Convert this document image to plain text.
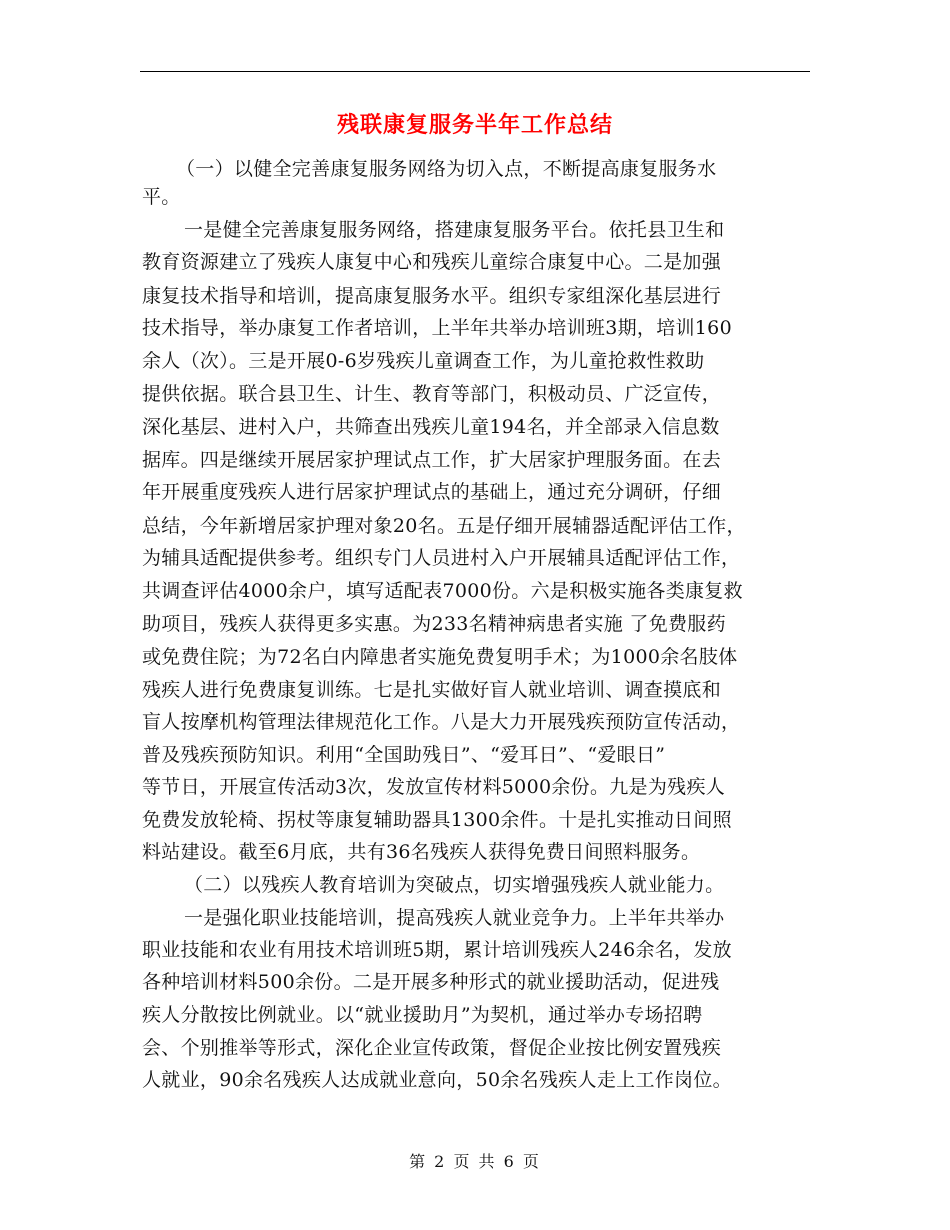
残联康复服务半年工作总结
（一）以健全完善康复服务网络为切入点，不断提高康复服务水
平。
一是健全完善康复服务网络，搭建康复服务平台。依托县卫生和
教育资源建立了残疾人康复中心和残疾儿童综合康复中心。二是加强
康复技术指导和培训，提高康复服务水平。组织专家组深化基层进行
技术指导，举办康复工作者培训，上半年共举办培训班3期，培训160
余人（次）。三是开展0-6岁残疾儿童调查工作，为儿童抢救性救助
提供依据。联合县卫生、计生、教育等部门，积极动员、广泛宣传，
深化基层、进村入户，共筛查出残疾儿童194名，并全部录入信息数
据库。四是继续开展居家护理试点工作，扩大居家护理服务面。在去
年开展重度残疾人进行居家护理试点的基础上，通过充分调研，仔细
总结，今年新增居家护理对象20名。五是仔细开展辅器适配评估工作，
为辅具适配提供参考。组织专门人员进村入户开展辅具适配评估工作，
共调查评估4000余户，填写适配表7000份。六是积极实施各类康复救
助项目，残疾人获得更多实惠。为233名精神病患者实施 了免费服药
或免费住院；为72名白内障患者实施免费复明手术；为1000余名肢体
残疾人进行免费康复训练。七是扎实做好盲人就业培训、调查摸底和
盲人按摩机构管理法律规范化工作。八是大力开展残疾预防宣传活动，
普及残疾预防知识。利用“全国助残日”、“爱耳日”、“爱眼日”
等节日，开展宣传活动3次，发放宣传材料5000余份。九是为残疾人
免费发放轮椅、拐杖等康复辅助器具1300余件。十是扎实推动日间照
料站建设。截至6月底，共有36名残疾人获得免费日间照料服务。
（二）以残疾人教育培训为突破点，切实增强残疾人就业能力。
一是强化职业技能培训，提高残疾人就业竞争力。上半年共举办
职业技能和农业有用技术培训班5期，累计培训残疾人246余名，发放
各种培训材料500余份。二是开展多种形式的就业援助活动，促进残
疾人分散按比例就业。以“就业援助月”为契机，通过举办专场招聘
会、个别推举等形式，深化企业宣传政策，督促企业按比例安置残疾
人就业，90余名残疾人达成就业意向，50余名残疾人走上工作岗位。
第 2 页 共 6 页
